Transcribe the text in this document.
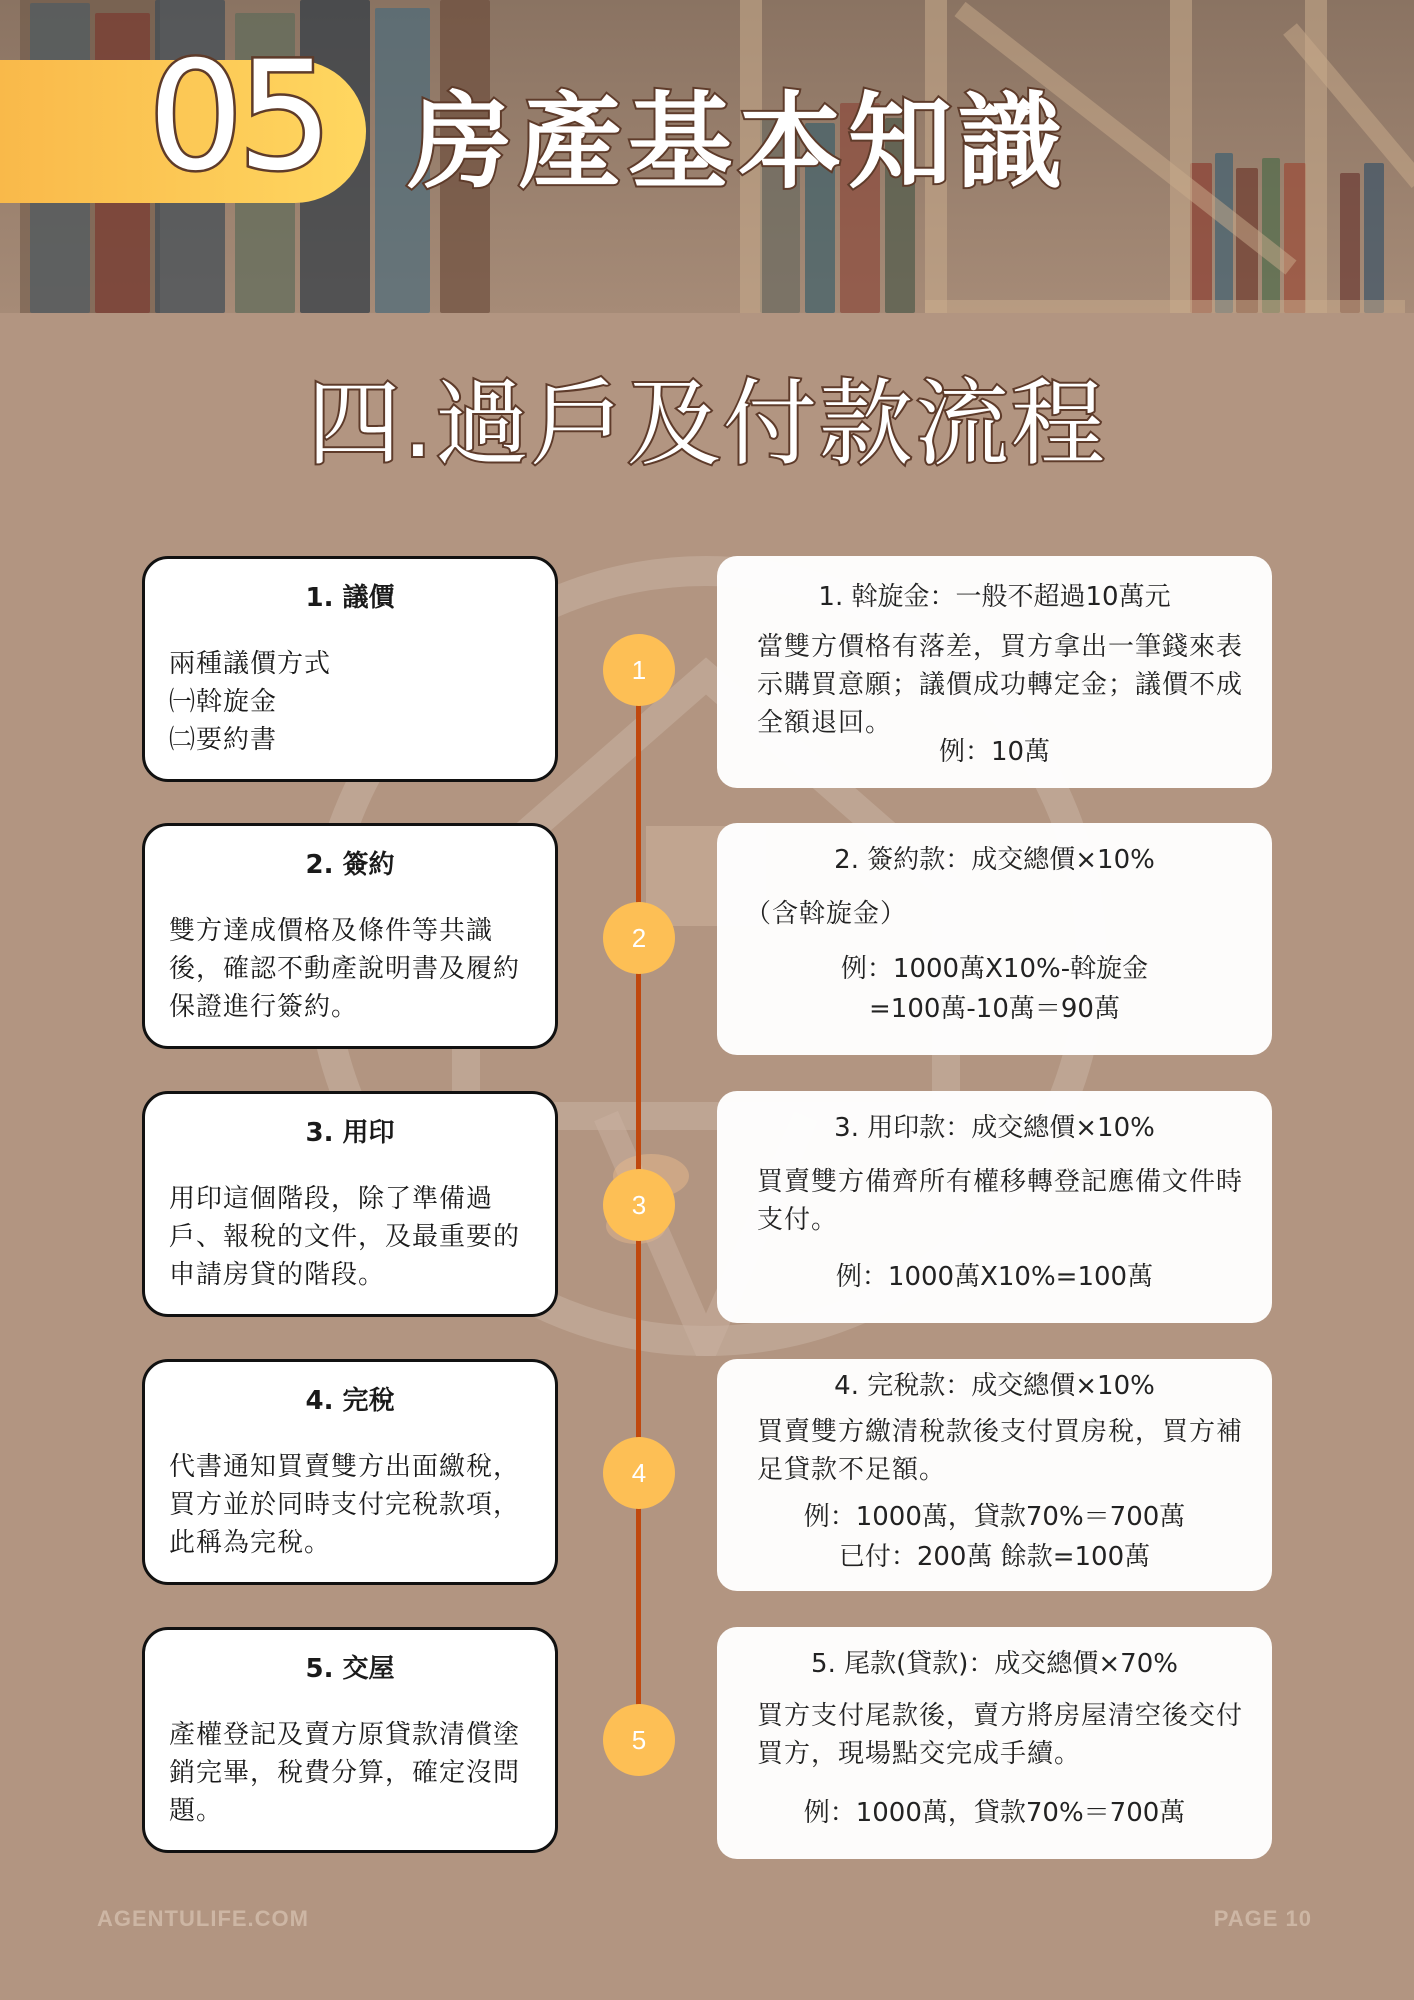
05 房產基本知識
四.過戶及付款流程
1
2
3
4
5
1. 議價
兩種議價方式
㈠斡旋金
㈡要約書
2. 簽約
雙方達成價格及條件等共識後，確認不動產說明書及履約保證進行簽約。
3. 用印
用印這個階段，除了準備過戶、報稅的文件，及最重要的申請房貸的階段。
4. 完稅
代書通知買賣雙方出面繳稅，買方並於同時支付完稅款項，此稱為完稅。
5. 交屋
產權登記及賣方原貸款清償塗銷完畢，稅費分算，確定沒問題。
1. 斡旋金：一般不超過10萬元
當雙方價格有落差，買方拿出一筆錢來表示購買意願；議價成功轉定金；議價不成全額退回。
例：10萬
2. 簽約款：成交總價×10%
（含斡旋金）
例：1000萬X10%-斡旋金
=100萬-10萬＝90萬
3. 用印款：成交總價×10%
買賣雙方備齊所有權移轉登記應備文件時支付。
例：1000萬X10%=100萬
4. 完稅款：成交總價×10%
買賣雙方繳清稅款後支付買房稅，買方補足貸款不足額。
例：1000萬，貸款70%＝700萬
已付：200萬 餘款=100萬
5. 尾款(貸款)：成交總價×70%
買方支付尾款後，賣方將房屋清空後交付買方，現場點交完成手續。
例：1000萬，貸款70%＝700萬
AGENTULIFE.COM	PAGE 10
